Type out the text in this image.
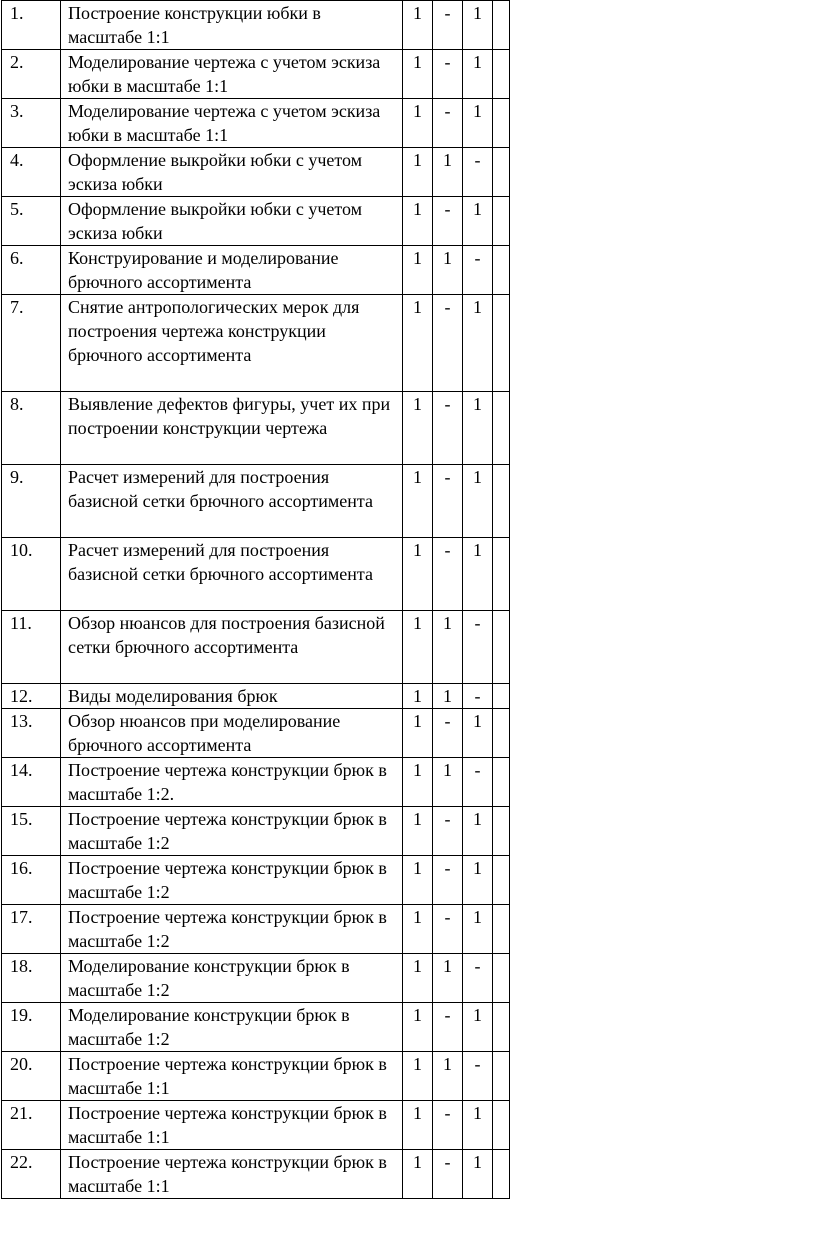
1.	Построение конструкции юбки в масштабе 1:1	1	-	1	
2.	Моделирование чертежа с учетом эскиза юбки в масштабе 1:1	1	-	1	
3.	Моделирование чертежа с учетом эскиза юбки в масштабе 1:1	1	-	1	
4.	Оформление выкройки юбки с учетом эскиза юбки	1	1	-	
5.	Оформление выкройки юбки с учетом эскиза юбки	1	-	1	
6.	Конструирование и моделирование брючного ассортимента	1	1	-	
7.	Снятие антропологических мерок для построения чертежа конструкции брючного ассортимента	1	-	1	
8.	Выявление дефектов фигуры, учет их при построении конструкции чертежа	1	-	1	
9.	Расчет измерений для построения базисной сетки брючного ассортимента	1	-	1	
10.	Расчет измерений для построения базисной сетки брючного ассортимента	1	-	1	
11.	Обзор нюансов для построения базисной сетки брючного ассортимента	1	1	-	
12.	Виды моделирования брюк	1	1	-	
13.	Обзор нюансов при моделирование брючного ассортимента	1	-	1	
14.	Построение чертежа конструкции брюк в масштабе 1:2.	1	1	-	
15.	Построение чертежа конструкции брюк в масштабе 1:2	1	-	1	
16.	Построение чертежа конструкции брюк в масштабе 1:2	1	-	1	
17.	Построение чертежа конструкции брюк в масштабе 1:2	1	-	1	
18.	Моделирование конструкции брюк в масштабе 1:2	1	1	-	
19.	Моделирование конструкции брюк в масштабе 1:2	1	-	1	
20.	Построение чертежа конструкции брюк в масштабе 1:1	1	1	-	
21.	Построение чертежа конструкции брюк в масштабе 1:1	1	-	1	
22.	Построение чертежа конструкции брюк в масштабе 1:1	1	-	1	
